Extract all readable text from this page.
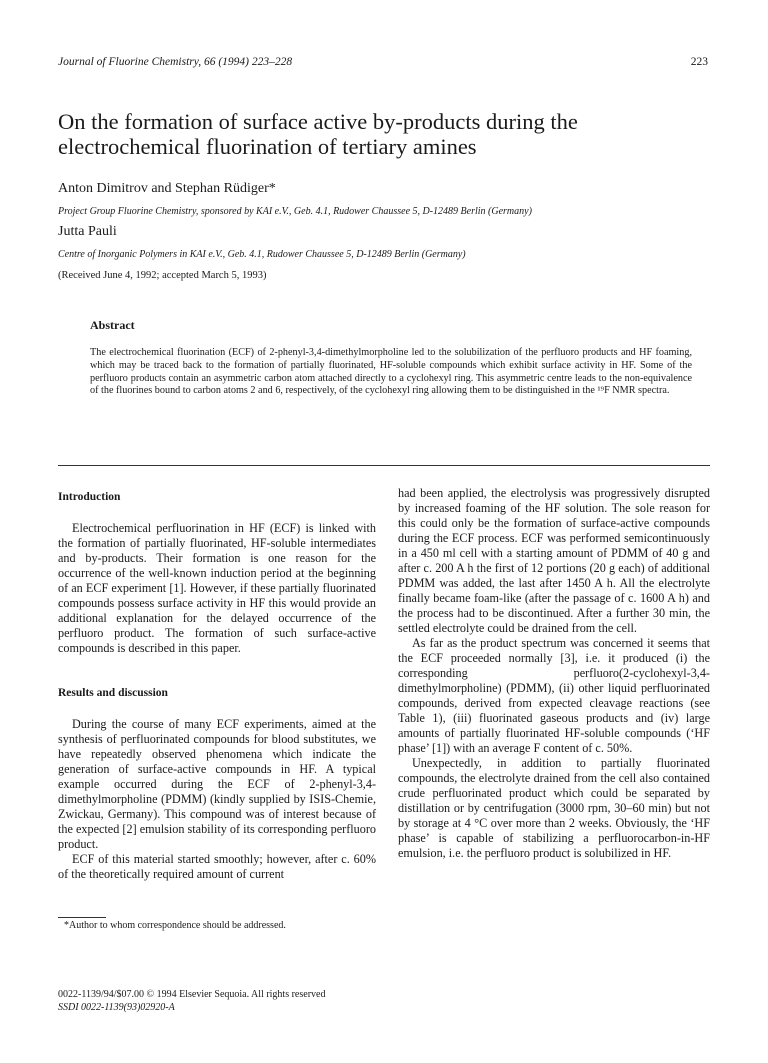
Journal of Fluorine Chemistry, 66 (1994) 223–228	223
On the formation of surface active by-products during the electrochemical fluorination of tertiary amines
Anton Dimitrov and Stephan Rüdiger*
Project Group Fluorine Chemistry, sponsored by KAI e.V., Geb. 4.1, Rudower Chaussee 5, D-12489 Berlin (Germany)
Jutta Pauli
Centre of Inorganic Polymers in KAI e.V., Geb. 4.1, Rudower Chaussee 5, D-12489 Berlin (Germany)
(Received June 4, 1992; accepted March 5, 1993)
Abstract
The electrochemical fluorination (ECF) of 2-phenyl-3,4-dimethylmorpholine led to the solubilization of the perfluoro products and HF foaming, which may be traced back to the formation of partially fluorinated, HF-soluble compounds which exhibit surface activity in HF. Some of the perfluoro products contain an asymmetric carbon atom attached directly to a cyclohexyl ring. This asymmetric centre leads to the non-equivalence of the fluorines bound to carbon atoms 2 and 6, respectively, of the cyclohexyl ring allowing them to be distinguished in the ¹⁹F NMR spectra.
Introduction

Electrochemical perfluorination in HF (ECF) is linked with the formation of partially fluorinated, HF-soluble intermediates and by-products. Their formation is one reason for the occurrence of the well-known induction period at the beginning of an ECF experiment [1]. However, if these partially fluorinated compounds possess surface activity in HF this would provide an additional explanation for the delayed occurrence of the perfluoro product. The formation of such surface-active compounds is described in this paper.

Results and discussion

During the course of many ECF experiments, aimed at the synthesis of perfluorinated compounds for blood substitutes, we have repeatedly observed phenomena which indicate the generation of surface-active compounds in HF. A typical example occurred during the ECF of 2-phenyl-3,4-dimethylmorpholine (PDMM) (kindly supplied by ISIS-Chemie, Zwickau, Germany). This compound was of interest because of the expected [2] emulsion stability of its corresponding perfluoro product.

ECF of this material started smoothly; however, after c. 60% of the theoretically required amount of current

*Author to whom correspondence should be addressed.

had been applied, the electrolysis was progressively disrupted by increased foaming of the HF solution. The sole reason for this could only be the formation of surface-active compounds during the ECF process. ECF was performed semicontinuously in a 450 ml cell with a starting amount of PDMM of 40 g and after c. 200 A h the first of 12 portions (20 g each) of additional PDMM was added, the last after 1450 A h. All the electrolyte finally became foam-like (after the passage of c. 1600 A h) and the process had to be discontinued. After a further 30 min, the settled electrolyte could be drained from the cell.

As far as the product spectrum was concerned it seems that the ECF proceeded normally [3], i.e. it produced (i) the corresponding perfluoro(2-cyclohexyl-3,4-dimethylmorpholine) (PDMM), (ii) other liquid perfluorinated compounds, derived from expected cleavage reactions (see Table 1), (iii) fluorinated gaseous products and (iv) large amounts of partially fluorinated HF-soluble compounds (‘HF phase’ [1]) with an average F content of c. 50%.

Unexpectedly, in addition to partially fluorinated compounds, the electrolyte drained from the cell also contained crude perfluorinated product which could be separated by distillation or by centrifugation (3000 rpm, 30–60 min) but not by storage at 4 °C over more than 2 weeks. Obviously, the ‘HF phase’ is capable of stabilizing a perfluorocarbon-in-HF emulsion, i.e. the perfluoro product is solubilized in HF.

0022-1139/94/$07.00 © 1994 Elsevier Sequoia. All rights reserved
SSDI 0022-1139(93)02920-A
